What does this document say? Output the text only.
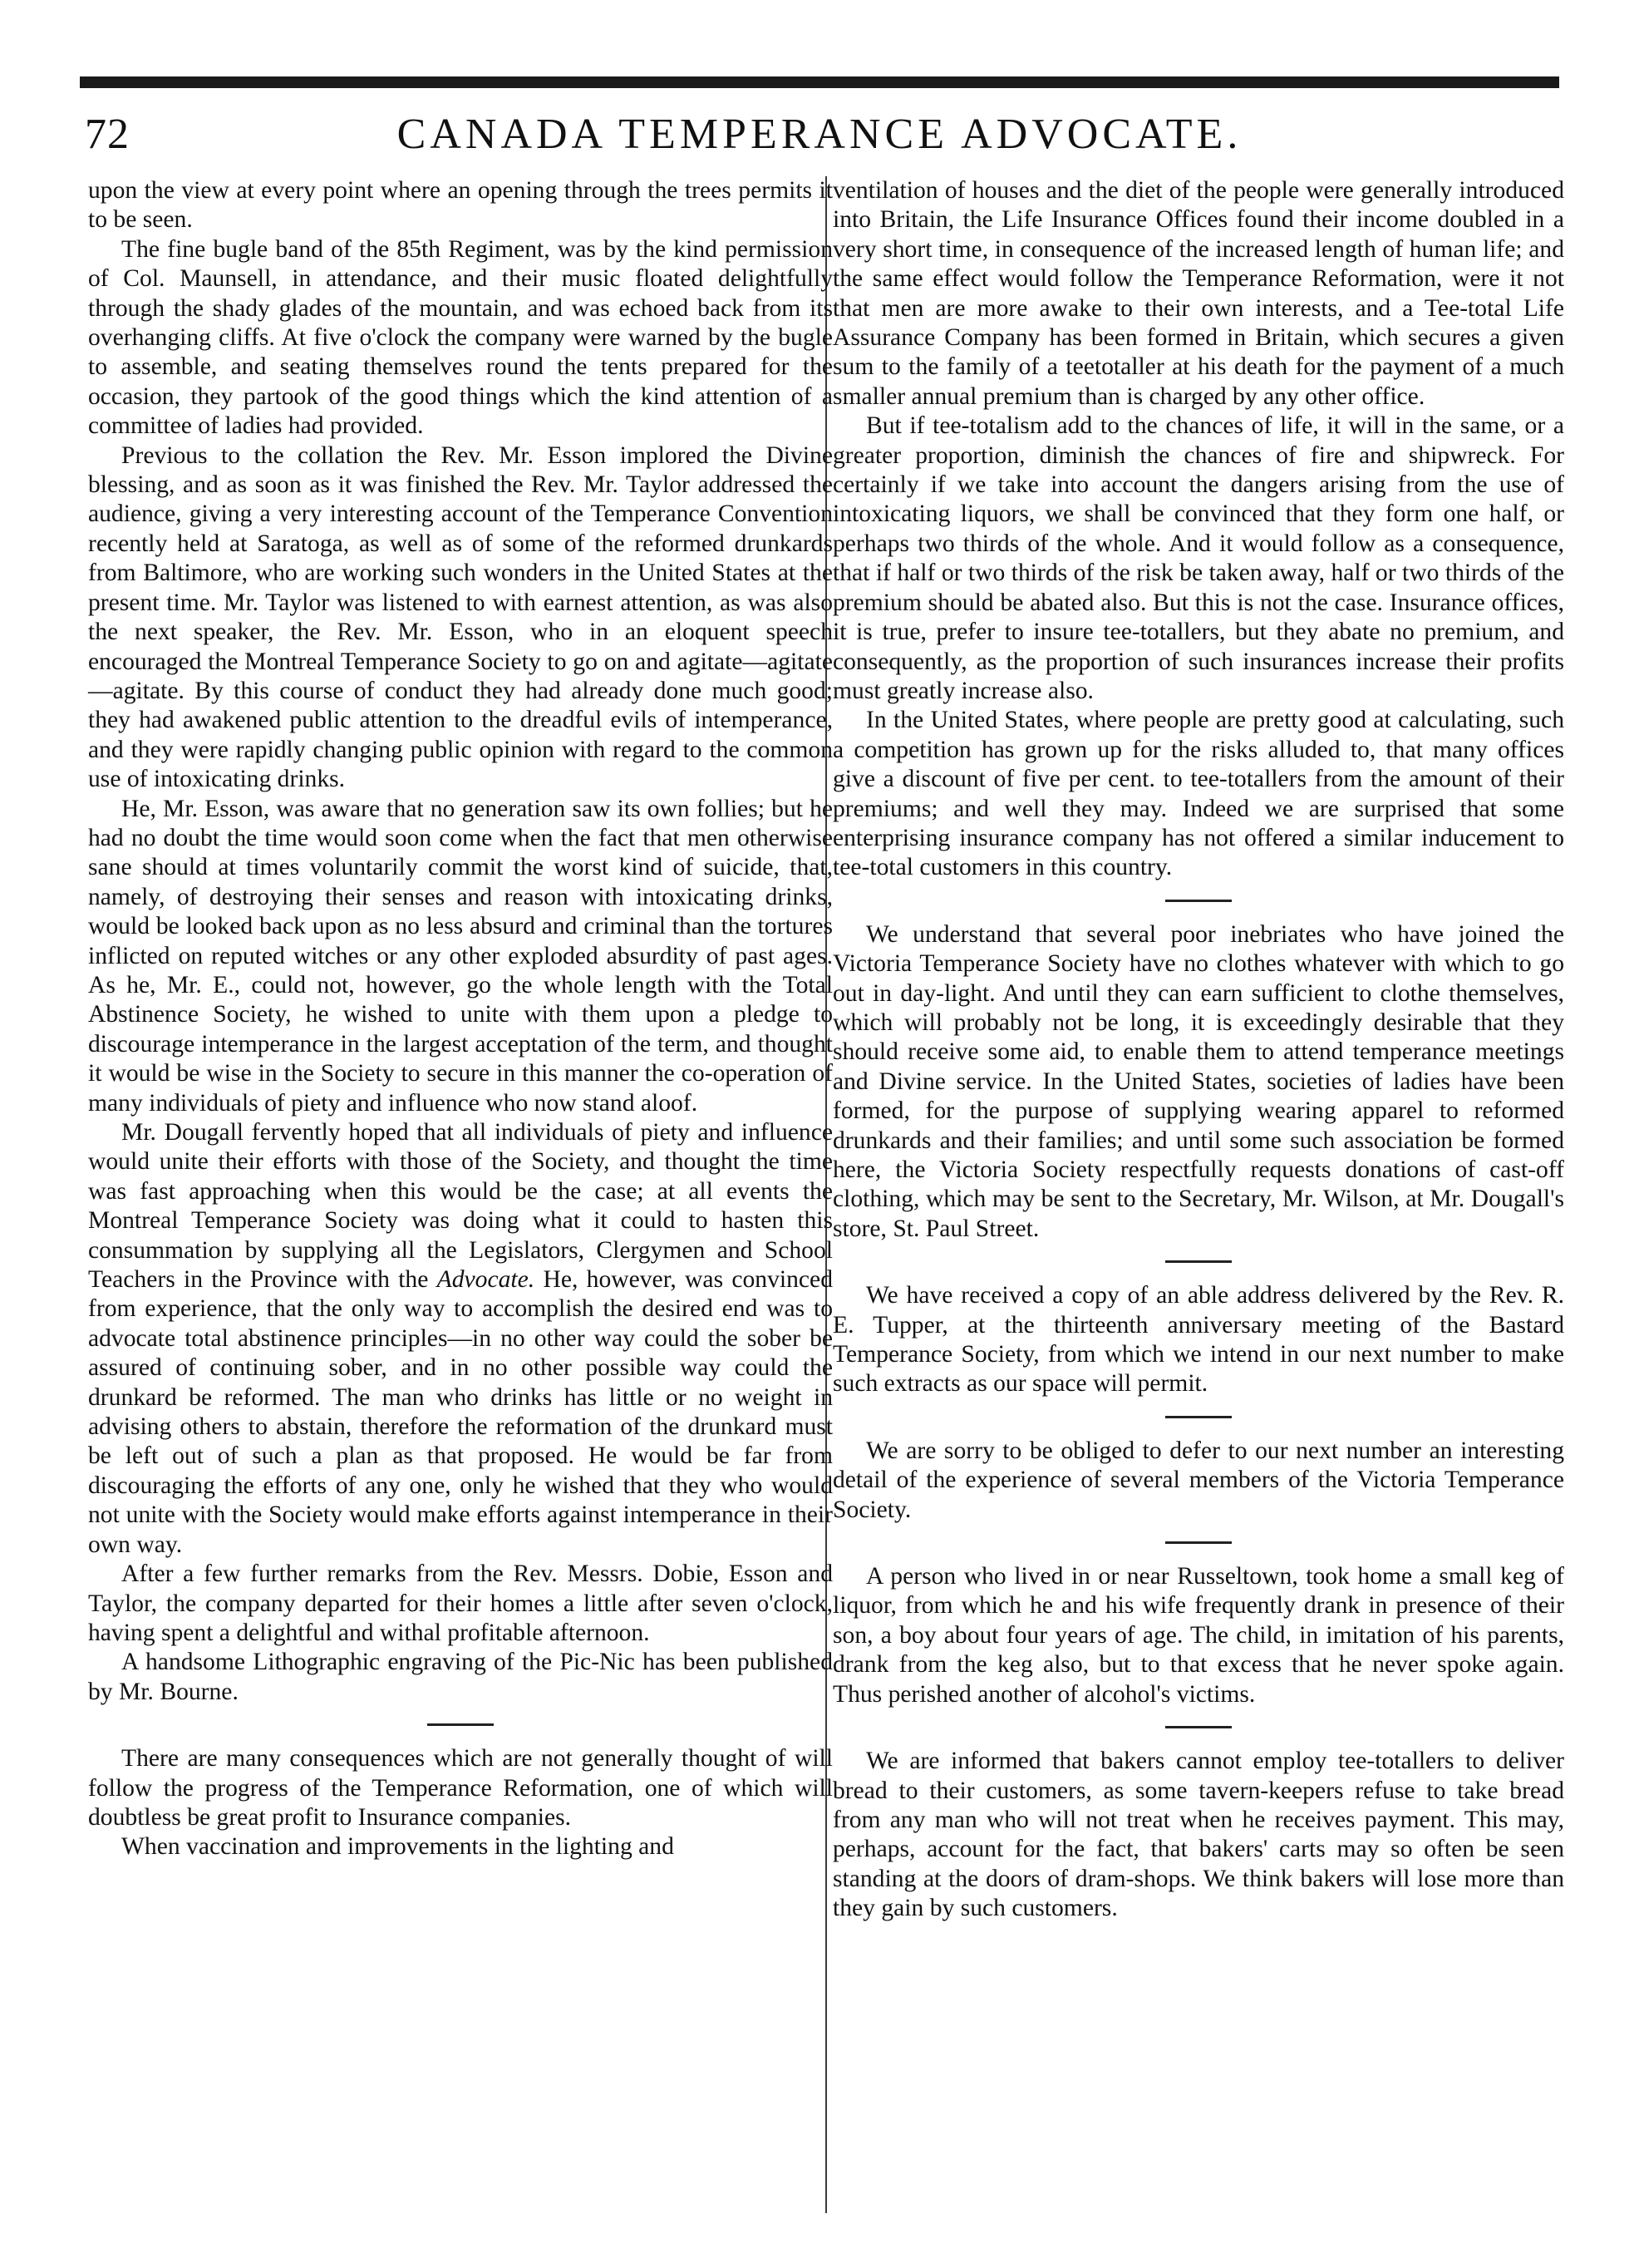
72	CANADA TEMPERANCE ADVOCATE.

upon the view at every point where an opening through the trees permits it to be seen.

The fine bugle band of the 85th Regiment, was by the kind permission of Col. Maunsell, in attendance, and their music floated delightfully through the shady glades of the mountain, and was echoed back from its overhanging cliffs. At five o'clock the company were warned by the bugle to assemble, and seating themselves round the tents prepared for the occasion, they partook of the good things which the kind attention of a committee of ladies had provided.

Previous to the collation the Rev. Mr. Esson implored the Divine blessing, and as soon as it was finished the Rev. Mr. Taylor addressed the audience, giving a very interesting account of the Temperance Convention recently held at Saratoga, as well as of some of the reformed drunkards from Baltimore, who are working such wonders in the United States at the present time. Mr. Taylor was listened to with earnest attention, as was also the next speaker, the Rev. Mr. Esson, who in an eloquent speech encouraged the Montreal Temperance Society to go on and agitate—agitate—agitate. By this course of conduct they had already done much good; they had awakened public attention to the dreadful evils of intemperance, and they were rapidly changing public opinion with regard to the common use of intoxicating drinks.

He, Mr. Esson, was aware that no generation saw its own follies; but he had no doubt the time would soon come when the fact that men otherwise sane should at times voluntarily commit the worst kind of suicide, that, namely, of destroying their senses and reason with intoxicating drinks, would be looked back upon as no less absurd and criminal than the tortures inflicted on reputed witches or any other exploded absurdity of past ages. As he, Mr. E., could not, however, go the whole length with the Total Abstinence Society, he wished to unite with them upon a pledge to discourage intemperance in the largest acceptation of the term, and thought it would be wise in the Society to secure in this manner the co-operation of many individuals of piety and influence who now stand aloof.

Mr. Dougall fervently hoped that all individuals of piety and influence would unite their efforts with those of the Society, and thought the time was fast approaching when this would be the case; at all events the Montreal Temperance Society was doing what it could to hasten this consummation by supplying all the Legislators, Clergymen and School Teachers in the Province with the Advocate. He, however, was convinced from experience, that the only way to accomplish the desired end was to advocate total abstinence principles—in no other way could the sober be assured of continuing sober, and in no other possible way could the drunkard be reformed. The man who drinks has little or no weight in advising others to abstain, therefore the reformation of the drunkard must be left out of such a plan as that proposed. He would be far from discouraging the efforts of any one, only he wished that they who would not unite with the Society would make efforts against intemperance in their own way.

After a few further remarks from the Rev. Messrs. Dobie, Esson and Taylor, the company departed for their homes a little after seven o'clock, having spent a delightful and withal profitable afternoon.

A handsome Lithographic engraving of the Pic-Nic has been published by Mr. Bourne.

There are many consequences which are not generally thought of will follow the progress of the Temperance Reformation, one of which will doubtless be great profit to Insurance companies.

When vaccination and improvements in the lighting and

ventilation of houses and the diet of the people were generally introduced into Britain, the Life Insurance Offices found their income doubled in a very short time, in consequence of the increased length of human life; and the same effect would follow the Temperance Reformation, were it not that men are more awake to their own interests, and a Tee-total Life Assurance Company has been formed in Britain, which secures a given sum to the family of a teetotaller at his death for the payment of a much smaller annual premium than is charged by any other office.

But if tee-totalism add to the chances of life, it will in the same, or a greater proportion, diminish the chances of fire and shipwreck. For certainly if we take into account the dangers arising from the use of intoxicating liquors, we shall be convinced that they form one half, or perhaps two thirds of the whole. And it would follow as a consequence, that if half or two thirds of the risk be taken away, half or two thirds of the premium should be abated also. But this is not the case. Insurance offices, it is true, prefer to insure tee-totallers, but they abate no premium, and consequently, as the proportion of such insurances increase their profits must greatly increase also.

In the United States, where people are pretty good at calculating, such a competition has grown up for the risks alluded to, that many offices give a discount of five per cent. to tee-totallers from the amount of their premiums; and well they may. Indeed we are surprised that some enterprising insurance company has not offered a similar inducement to tee-total customers in this country.

We understand that several poor inebriates who have joined the Victoria Temperance Society have no clothes whatever with which to go out in day-light. And until they can earn sufficient to clothe themselves, which will probably not be long, it is exceedingly desirable that they should receive some aid, to enable them to attend temperance meetings and Divine service. In the United States, societies of ladies have been formed, for the purpose of supplying wearing apparel to reformed drunkards and their families; and until some such association be formed here, the Victoria Society respectfully requests donations of cast-off clothing, which may be sent to the Secretary, Mr. Wilson, at Mr. Dougall's store, St. Paul Street.

We have received a copy of an able address delivered by the Rev. R. E. Tupper, at the thirteenth anniversary meeting of the Bastard Temperance Society, from which we intend in our next number to make such extracts as our space will permit.

We are sorry to be obliged to defer to our next number an interesting detail of the experience of several members of the Victoria Temperance Society.

A person who lived in or near Russeltown, took home a small keg of liquor, from which he and his wife frequently drank in presence of their son, a boy about four years of age. The child, in imitation of his parents, drank from the keg also, but to that excess that he never spoke again. Thus perished another of alcohol's victims.

We are informed that bakers cannot employ tee-totallers to deliver bread to their customers, as some tavern-keepers refuse to take bread from any man who will not treat when he receives payment. This may, perhaps, account for the fact, that bakers' carts may so often be seen standing at the doors of dram-shops. We think bakers will lose more than they gain by such customers.
